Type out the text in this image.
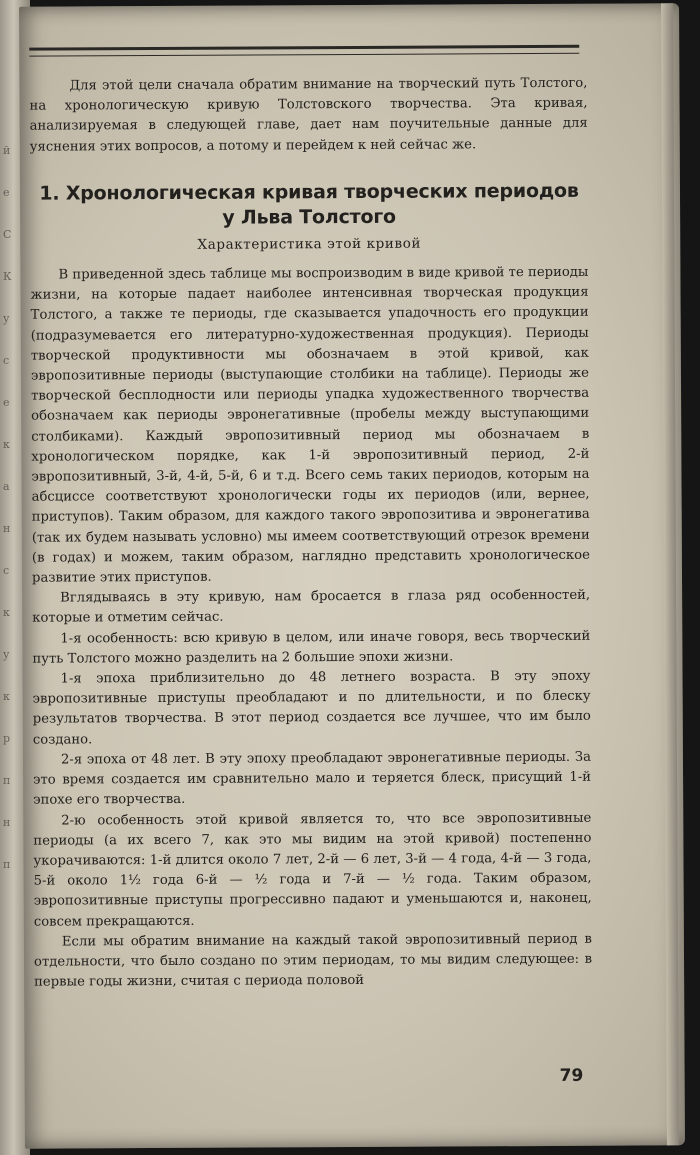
й
e
C
К
у
с
е
к
а
н
с
к
у
к
р
п
н
п

Для этой цели сначала обратим внимание на творческий путь Толстого, на хронологическую кривую Толстовского творчества. Эта кривая, анализируемая в следующей главе, дает нам поучительные данные для уяснения этих вопросов, а потому и перейдем к ней сейчас же.

1. Хронологическая кривая творческих периодов
у Льва Толстого
Характеристика этой кривой

В приведенной здесь таблице мы воспроизводим в виде кривой те периоды жизни, на которые падает наиболее интенсивная творческая продукция Толстого, а также те периоды, где сказывается упадочность его продукции (подразумевается его литературно-художественная продукция). Периоды творческой продуктивности мы обозначаем в этой кривой, как эвропозитивные периоды (выступающие столбики на таблице). Периоды же творческой бесплодности или периоды упадка художественного творчества обозначаем как периоды эвронегативные (пробелы между выступающими столбиками). Каждый эвропозитивный период мы обозначаем в хронологическом порядке, как 1-й эвропозитивный период, 2-й эвропозитивный, 3-й, 4-й, 5-й, 6 и т.д. Всего семь таких периодов, которым на абсциссе соответствуют хронологически годы их периодов (или, вернее, приступов). Таким образом, для каждого такого эвропозитива и эвронегатива (так их будем называть условно) мы имеем соответствующий отрезок времени (в годах) и можем, таким образом, наглядно представить хронологическое развитие этих приступов.

Вглядываясь в эту кривую, нам бросается в глаза ряд особенностей, которые и отметим сейчас.

1-я особенность: всю кривую в целом, или иначе говоря, весь творческий путь Толстого можно разделить на 2 большие эпохи жизни.

1-я эпоха приблизительно до 48 летнего возраста. В эту эпоху эвропозитивные приступы преобладают и по длительности, и по блеску результатов творчества. В этот период создается все лучшее, что им было создано.

2-я эпоха от 48 лет. В эту эпоху преобладают эвронегативные периоды. За это время создается им сравнительно мало и теряется блеск, присущий 1-й эпохе его творчества.

2-ю особенность этой кривой является то, что все эвропозитивные периоды (а их всего 7, как это мы видим на этой кривой) постепенно укорачиваются: 1-й длится около 7 лет, 2-й — 6 лет, 3-й — 4 года, 4-й — 3 года, 5-й около 1½ года 6-й — ½ года и 7-й — ½ года. Таким образом, эвропозитивные приступы прогрессивно падают и уменьшаются и, наконец, совсем прекращаются.

Если мы обратим внимание на каждый такой эвропозитивный период в отдельности, что было создано по этим периодам, то мы видим следующее: в первые годы жизни, считая с периода половой

79
